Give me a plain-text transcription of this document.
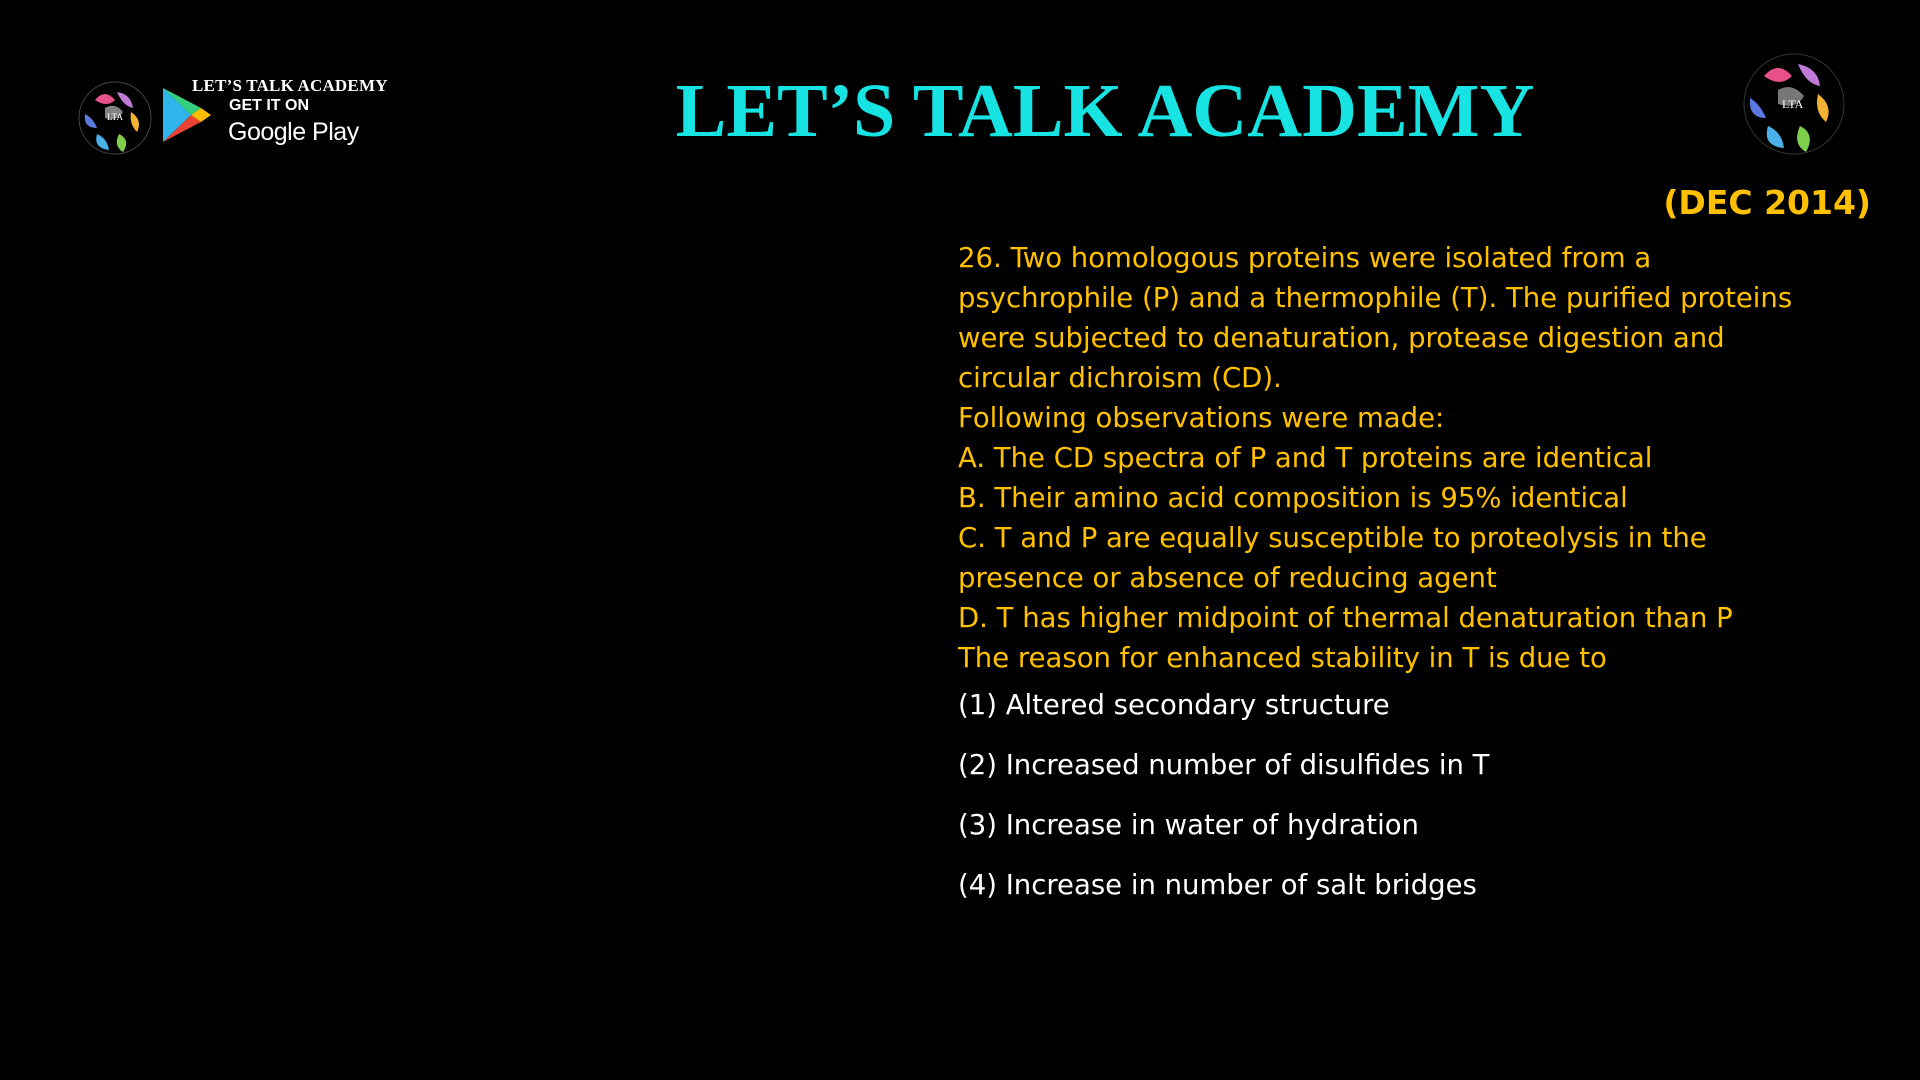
LTA
LET’S TALK ACADEMY
GET IT ON
Google Play	LET’S TALK ACADEMY	LTA
(DEC 2014)
26. Two homologous proteins were isolated from a
psychrophile (P) and a thermophile (T). The purified proteins
were subjected to denaturation, protease digestion and
circular dichroism (CD).
Following observations were made:
A. The CD spectra of P and T proteins are identical
B. Their amino acid composition is 95% identical
C. T and P are equally susceptible to proteolysis in the
presence or absence of reducing agent
D. T has higher midpoint of thermal denaturation than P
The reason for enhanced stability in T is due to
(1) Altered secondary structure
(2) Increased number of disulfides in T
(3) Increase in water of hydration
(4) Increase in number of salt bridges
